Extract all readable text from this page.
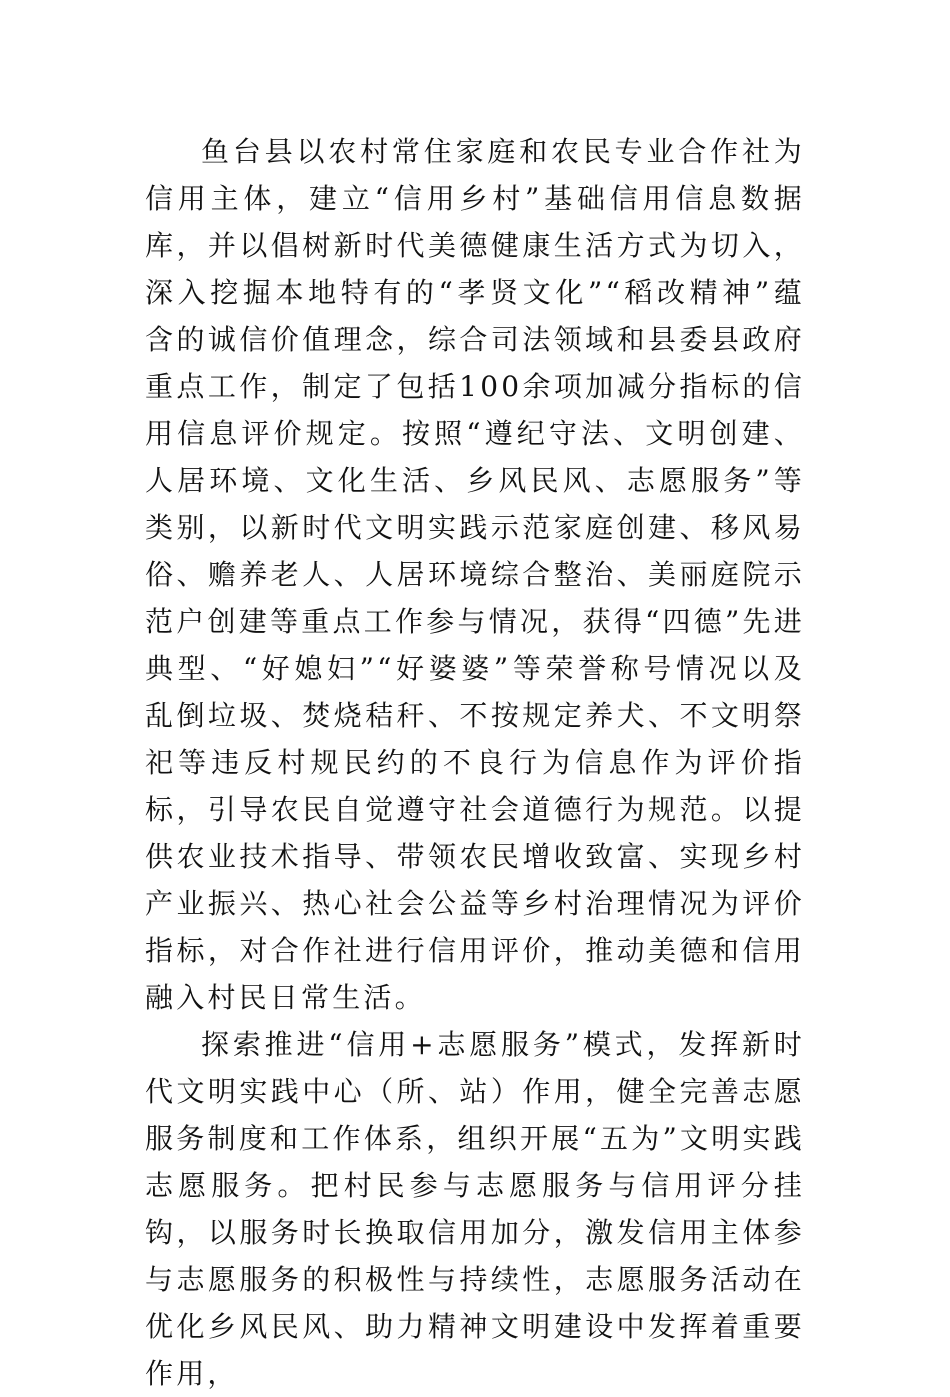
鱼台县以农村常住家庭和农民专业合作社为信用主体，建立“信用乡村”基础信用信息数据库，并以倡树新时代美德健康生活方式为切入，深入挖掘本地特有的“孝贤文化”“稻改精神”蕴含的诚信价值理念，综合司法领域和县委县政府重点工作，制定了包括100余项加减分指标的信用信息评价规定。按照“遵纪守法、文明创建、人居环境、文化生活、乡风民风、志愿服务”等类别，以新时代文明实践示范家庭创建、移风易俗、赡养老人、人居环境综合整治、美丽庭院示范户创建等重点工作参与情况，获得“四德”先进典型、“好媳妇”“好婆婆”等荣誉称号情况以及乱倒垃圾、焚烧秸秆、不按规定养犬、不文明祭祀等违反村规民约的不良行为信息作为评价指标，引导农民自觉遵守社会道德行为规范。以提供农业技术指导、带领农民增收致富、实现乡村产业振兴、热心社会公益等乡村治理情况为评价指标，对合作社进行信用评价，推动美德和信用融入村民日常生活。

探索推进“信用+志愿服务”模式，发挥新时代文明实践中心（所、站）作用，健全完善志愿服务制度和工作体系，组织开展“五为”文明实践志愿服务。把村民参与志愿服务与信用评分挂钩，以服务时长换取信用加分，激发信用主体参与志愿服务的积极性与持续性，志愿服务活动在优化乡风民风、助力精神文明建设中发挥着重要作用，
